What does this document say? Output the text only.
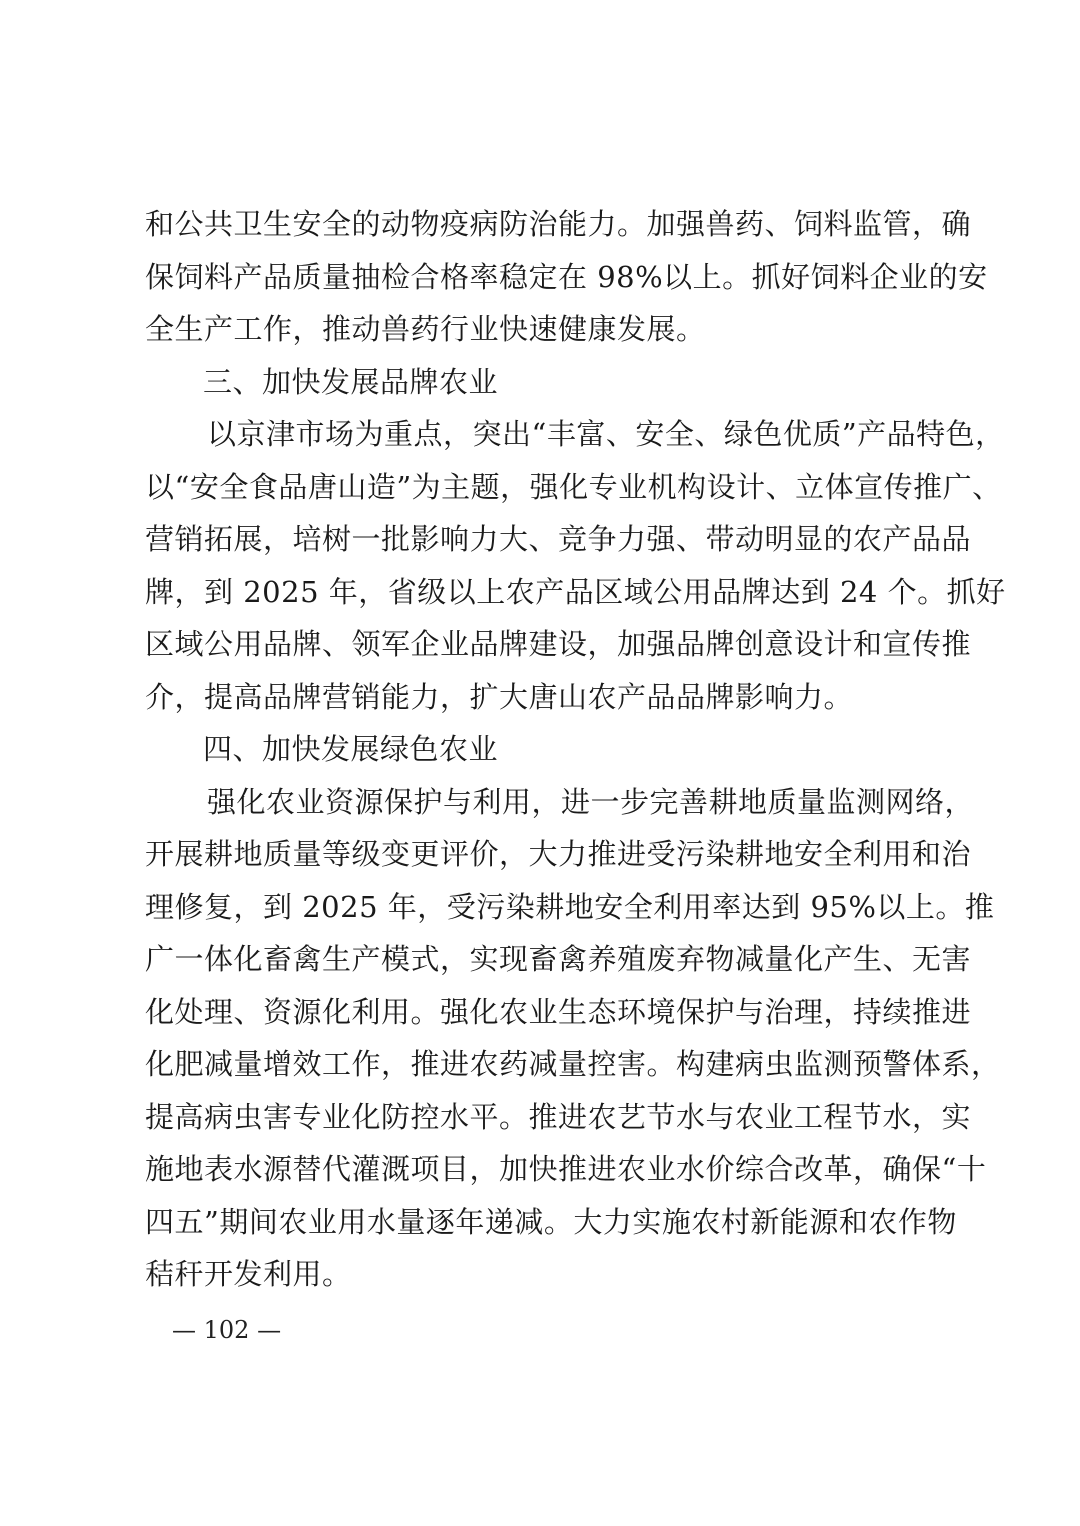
和公共卫生安全的动物疫病防治能力。加强兽药、饲料监管，确
保饲料产品质量抽检合格率稳定在 98%以上。抓好饲料企业的安
全生产工作，推动兽药行业快速健康发展。
三、加快发展品牌农业
以京津市场为重点，突出“丰富、安全、绿色优质”产品特色，
以“安全食品唐山造”为主题，强化专业机构设计、立体宣传推广、
营销拓展，培树一批影响力大、竞争力强、带动明显的农产品品
牌，到 2025 年，省级以上农产品区域公用品牌达到 24 个。抓好
区域公用品牌、领军企业品牌建设，加强品牌创意设计和宣传推
介，提高品牌营销能力，扩大唐山农产品品牌影响力。
四、加快发展绿色农业
强化农业资源保护与利用，进一步完善耕地质量监测网络，
开展耕地质量等级变更评价，大力推进受污染耕地安全利用和治
理修复，到 2025 年，受污染耕地安全利用率达到 95%以上。推
广一体化畜禽生产模式，实现畜禽养殖废弃物减量化产生、无害
化处理、资源化利用。强化农业生态环境保护与治理，持续推进
化肥减量增效工作，推进农药减量控害。构建病虫监测预警体系，
提高病虫害专业化防控水平。推进农艺节水与农业工程节水，实
施地表水源替代灌溉项目，加快推进农业水价综合改革，确保“十
四五”期间农业用水量逐年递减。大力实施农村新能源和农作物
秸秆开发利用。
— 102 —
